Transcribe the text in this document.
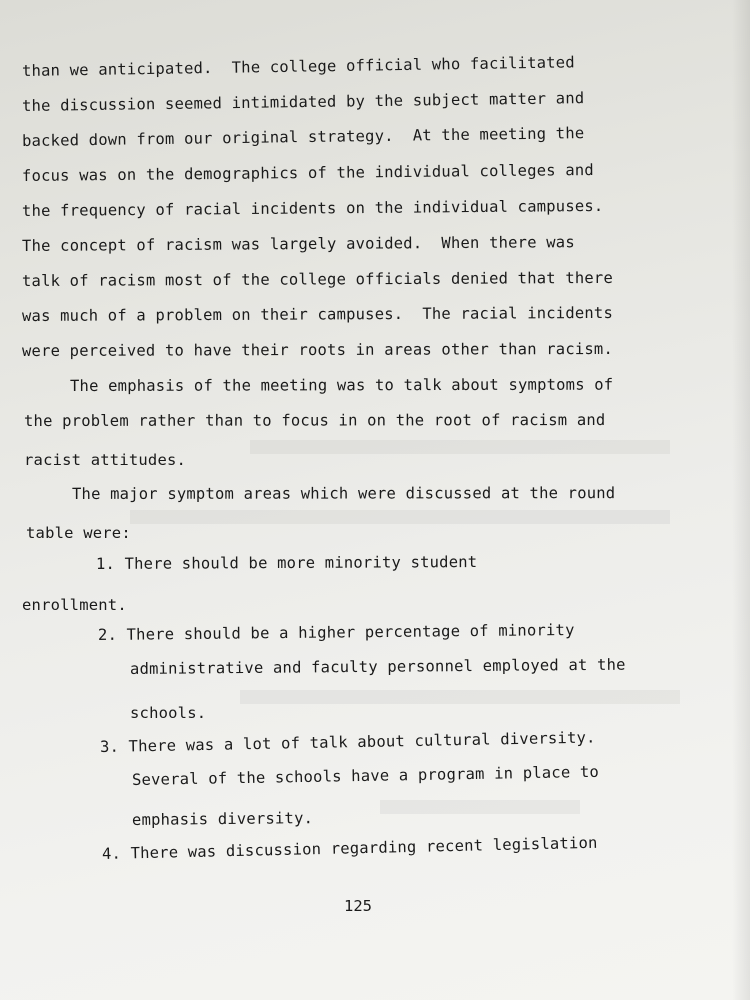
than we anticipated.  The college official who facilitated
the discussion seemed intimidated by the subject matter and
backed down from our original strategy.  At the meeting the
focus was on the demographics of the individual colleges and
the frequency of racial incidents on the individual campuses.
The concept of racism was largely avoided.  When there was
talk of racism most of the college officials denied that there
was much of a problem on their campuses.  The racial incidents
were perceived to have their roots in areas other than racism.
The emphasis of the meeting was to talk about symptoms of
the problem rather than to focus in on the root of racism and
racist attitudes.
The major symptom areas which were discussed at the round
table were:
1. There should be more minority student
enrollment.
2. There should be a higher percentage of minority
administrative and faculty personnel employed at the
schools.
3. There was a lot of talk about cultural diversity.
Several of the schools have a program in place to
emphasis diversity.
4. There was discussion regarding recent legislation
125
